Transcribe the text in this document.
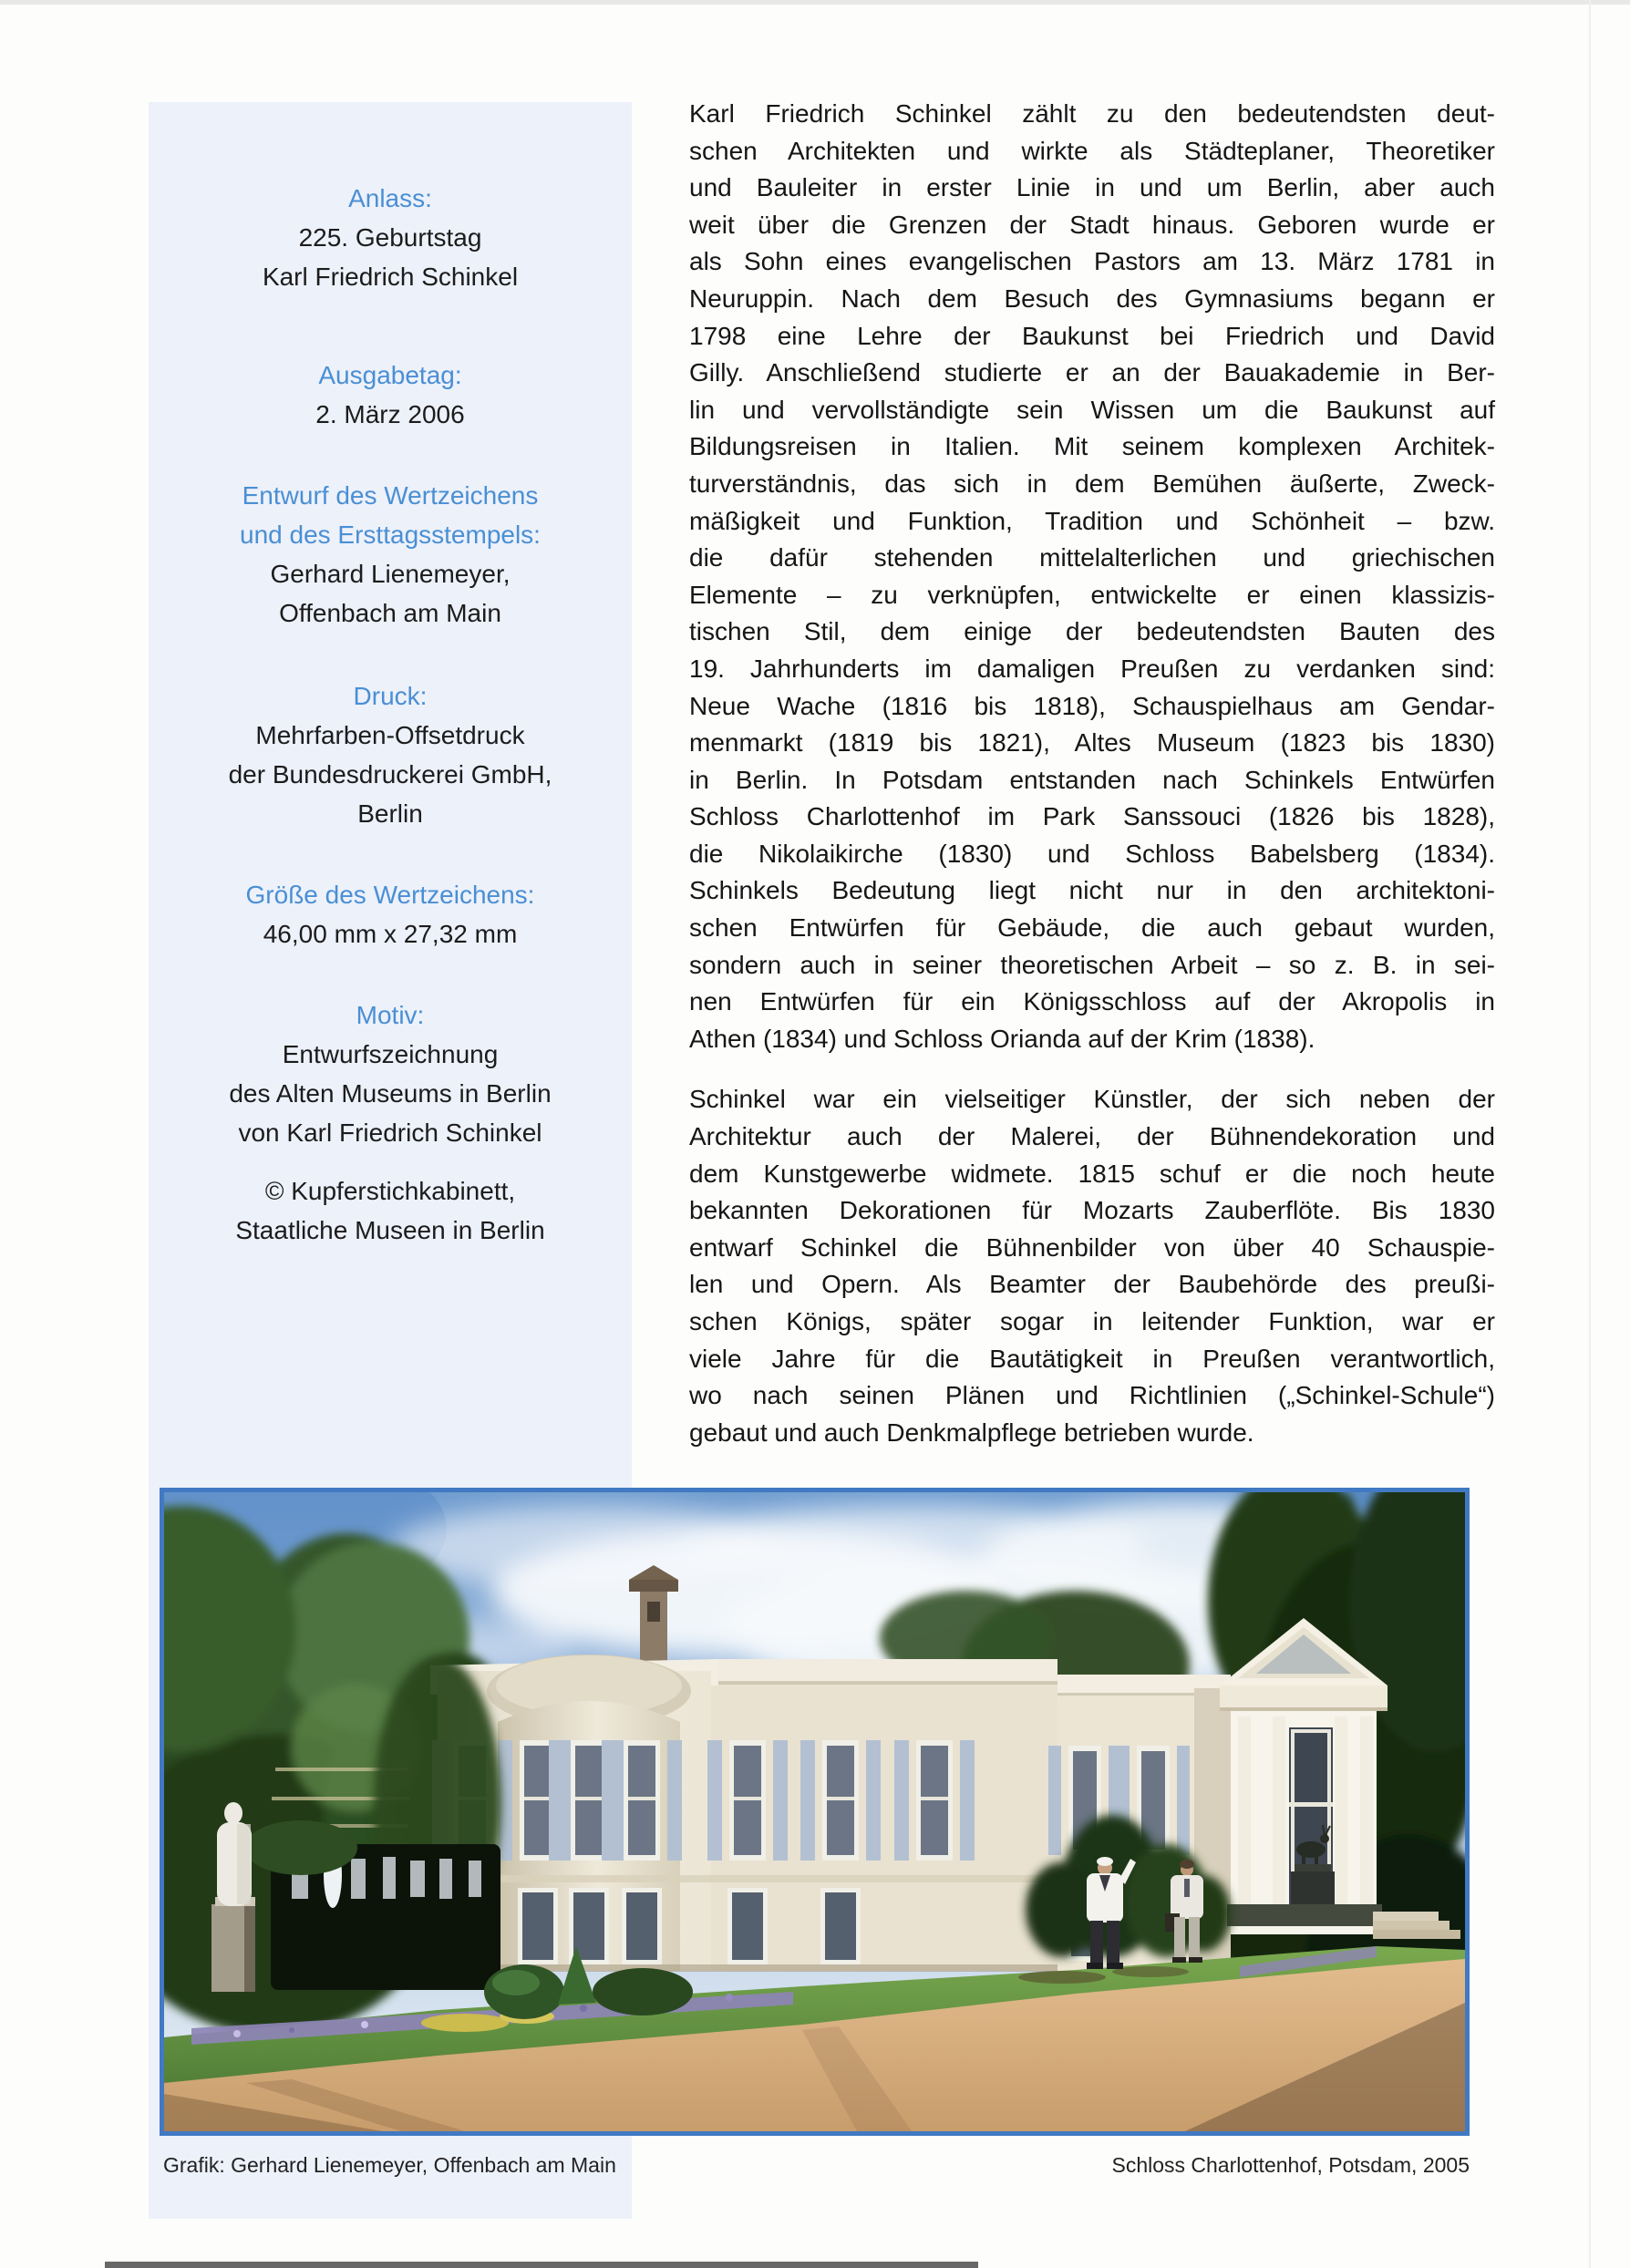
Anlass:
225. Geburtstag
Karl Friedrich Schinkel
Ausgabetag:
2. März 2006
Entwurf des Wertzeichens
und des Ersttagsstempels:
Gerhard Lienemeyer,
Offenbach am Main
Druck:
Mehrfarben-Offsetdruck
der Bundesdruckerei GmbH,
Berlin
Größe des Wertzeichens:
46,00 mm x 27,32 mm
Motiv:
Entwurfszeichnung
des Alten Museums in Berlin
von Karl Friedrich Schinkel
© Kupferstichkabinett,
Staatliche Museen in Berlin
Karl Friedrich Schinkel zählt zu den bedeutendsten deut-
schen Architekten und wirkte als Städteplaner, Theoretiker
und Bauleiter in erster Linie in und um Berlin, aber auch
weit über die Grenzen der Stadt hinaus. Geboren wurde er
als Sohn eines evangelischen Pastors am 13. März 1781 in
Neuruppin. Nach dem Besuch des Gymnasiums begann er
1798 eine Lehre der Baukunst bei Friedrich und David
Gilly. Anschließend studierte er an der Bauakademie in Ber-
lin und vervollständigte sein Wissen um die Baukunst auf
Bildungsreisen in Italien. Mit seinem komplexen Architek-
turverständnis, das sich in dem Bemühen äußerte, Zweck-
mäßigkeit und Funktion, Tradition und Schönheit – bzw.
die dafür stehenden mittelalterlichen und griechischen
Elemente – zu verknüpfen, entwickelte er einen klassizis-
tischen Stil, dem einige der bedeutendsten Bauten des
19. Jahrhunderts im damaligen Preußen zu verdanken sind:
Neue Wache (1816 bis 1818), Schauspielhaus am Gendar-
menmarkt (1819 bis 1821), Altes Museum (1823 bis 1830)
in Berlin. In Potsdam entstanden nach Schinkels Entwürfen
Schloss Charlottenhof im Park Sanssouci (1826 bis 1828),
die Nikolaikirche (1830) und Schloss Babelsberg (1834).
Schinkels Bedeutung liegt nicht nur in den architektoni-
schen Entwürfen für Gebäude, die auch gebaut wurden,
sondern auch in seiner theoretischen Arbeit – so z. B. in sei-
nen Entwürfen für ein Königsschloss auf der Akropolis in
Athen (1834) und Schloss Orianda auf der Krim (1838).
Schinkel war ein vielseitiger Künstler, der sich neben der
Architektur auch der Malerei, der Bühnendekoration und
dem Kunstgewerbe widmete. 1815 schuf er die noch heute
bekannten Dekorationen für Mozarts Zauberflöte. Bis 1830
entwarf Schinkel die Bühnenbilder von über 40 Schauspie-
len und Opern. Als Beamter der Baubehörde des preußi-
schen Königs, später sogar in leitender Funktion, war er
viele Jahre für die Bautätigkeit in Preußen verantwortlich,
wo nach seinen Plänen und Richtlinien („Schinkel-Schule“)
gebaut und auch Denkmalpflege betrieben wurde.
Grafik: Gerhard Lienemeyer, Offenbach am Main	Schloss Charlottenhof, Potsdam, 2005
